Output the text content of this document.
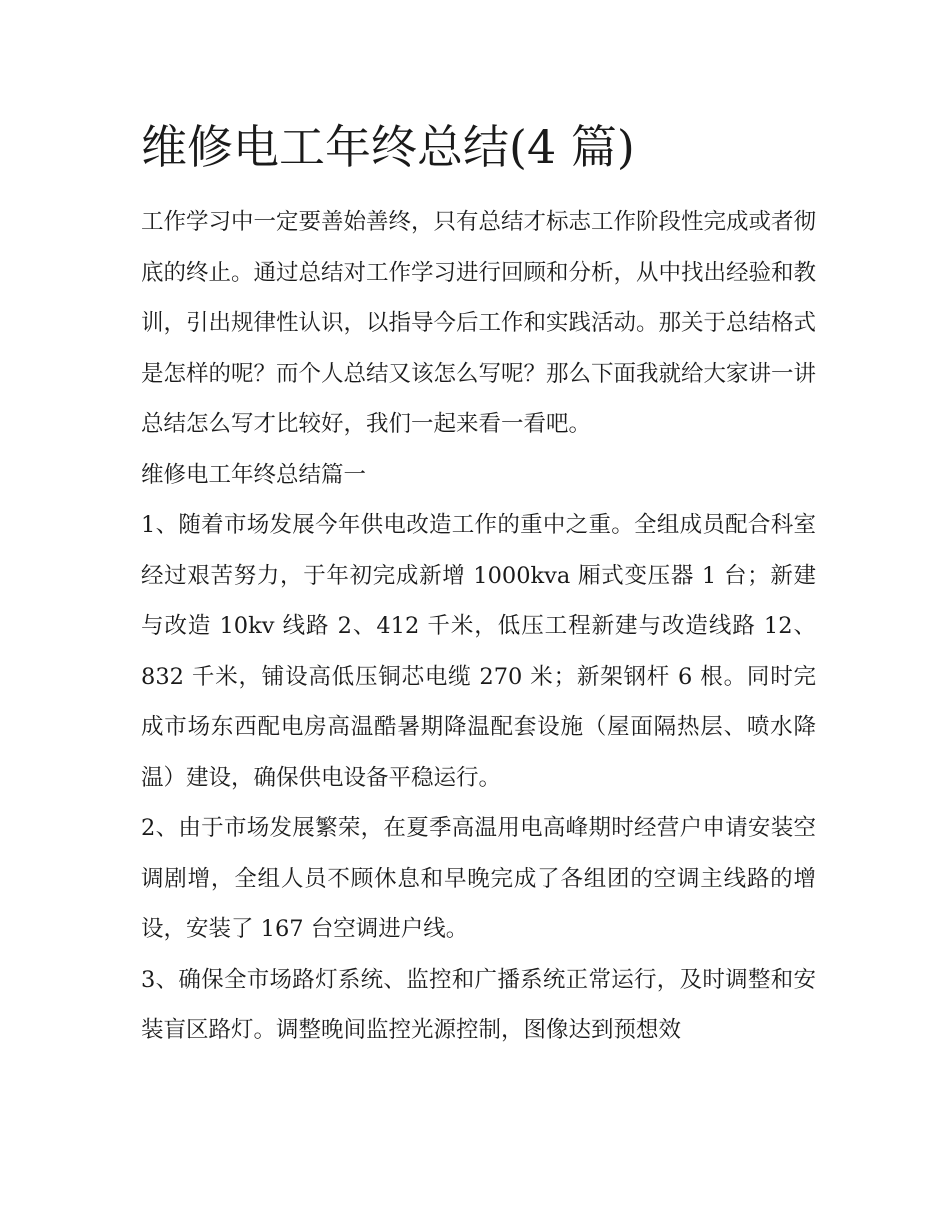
维修电工年终总结(4 篇)

工作学习中一定要善始善终，只有总结才标志工作阶段性完成或者彻底的终止。通过总结对工作学习进行回顾和分析，从中找出经验和教训，引出规律性认识，以指导今后工作和实践活动。那关于总结格式是怎样的呢？而个人总结又该怎么写呢？那么下面我就给大家讲一讲总结怎么写才比较好，我们一起来看一看吧。

维修电工年终总结篇一

1、随着市场发展今年供电改造工作的重中之重。全组成员配合科室经过艰苦努力，于年初完成新增 1000kva 厢式变压器 1 台；新建与改造 10kv 线路 2、412 千米，低压工程新建与改造线路 12、832 千米，铺设高低压铜芯电缆 270 米；新架钢杆 6 根。同时完成市场东西配电房高温酷暑期降温配套设施（屋面隔热层、喷水降温）建设，确保供电设备平稳运行。

2、由于市场发展繁荣，在夏季高温用电高峰期时经营户申请安装空调剧增，全组人员不顾休息和早晚完成了各组团的空调主线路的增设，安装了 167 台空调进户线。

3、确保全市场路灯系统、监控和广播系统正常运行，及时调整和安装盲区路灯。调整晚间监控光源控制，图像达到预想效
